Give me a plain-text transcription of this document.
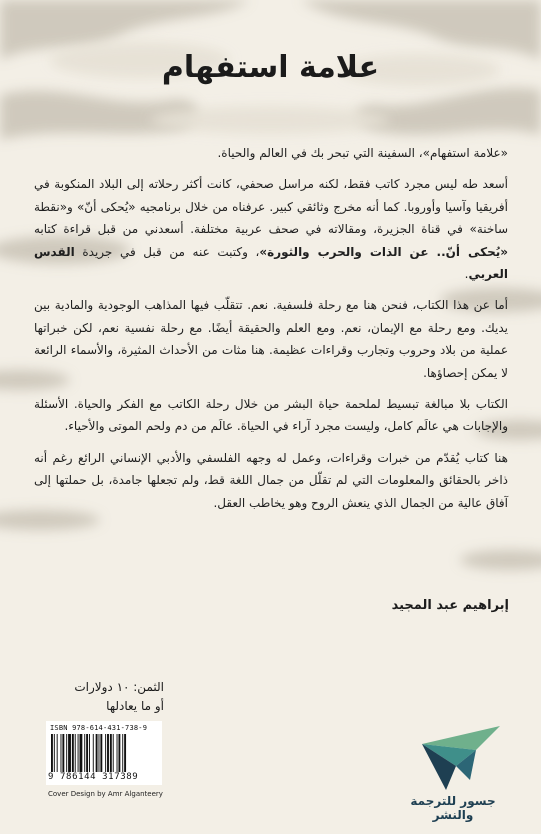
علامة استفهام

«علامة استفهام»، السفينة التي تبحر بك في العالم والحياة.

أسعد طه ليس مجرد كاتب فقط، لكنه مراسل صحفي، كانت أكثر رحلاته إلى البلاد المنكوبة في أفريقيا وآسيا وأوروبا. كما أنه مخرج وثائقي كبير. عرفناه من خلال برنامجيه «يُحكى أنّ» و«نقطة ساخنة» في قناة الجزيرة، ومقالاته في صحف عربية مختلفة. أسعدني من قبل قراءة كتابه «يُحكى أنّ.. عن الذات والحرب والثورة»، وكتبت عنه من قبل في جريدة القدس العربي.

أما عن هذا الكتاب، فنحن هنا مع رحلة فلسفية. نعم. تتقلّب فيها المذاهب الوجودية والمادية بين يديك. ومع رحلة مع الإيمان، نعم. ومع العلم والحقيقة أيضًا. مع رحلة نفسية نعم، لكن خبراتها عملية من بلاد وحروب وتجارب وقراءات عظيمة. هنا مثات من الأحداث المثيرة، والأسماء الرائعة لا يمكن إحصاؤها.

الكتاب بلا مبالغة تبسيط لملحمة حياة البشر من خلال رحلة الكاتب مع الفكر والحياة. الأسئلة والإجابات هي عالَم كامل، وليست مجرد آراء في الحياة. عالَم من دم ولحم الموتى والأحياء.

هنا كتاب يُقدّم من خبرات وقراءات، وعمل له وجهه الفلسفي والأدبي الإنساني الرائع رغم أنه ذاخر بالحقائق والمعلومات التي لم تقلّل من جمال اللغة قط، ولم تجعلها جامدة، بل حملتها إلى آفاق عالية من الجمال الذي ينعش الروح وهو يخاطب العقل.

إبراهيم عبد المجيد
الثمن: ١٠ دولارات
أو ما يعادلها
ISBN 978-614-431-738-9
9 786144 317389
Cover Design by Amr Alganteery	جسور للترجمة والنشر
